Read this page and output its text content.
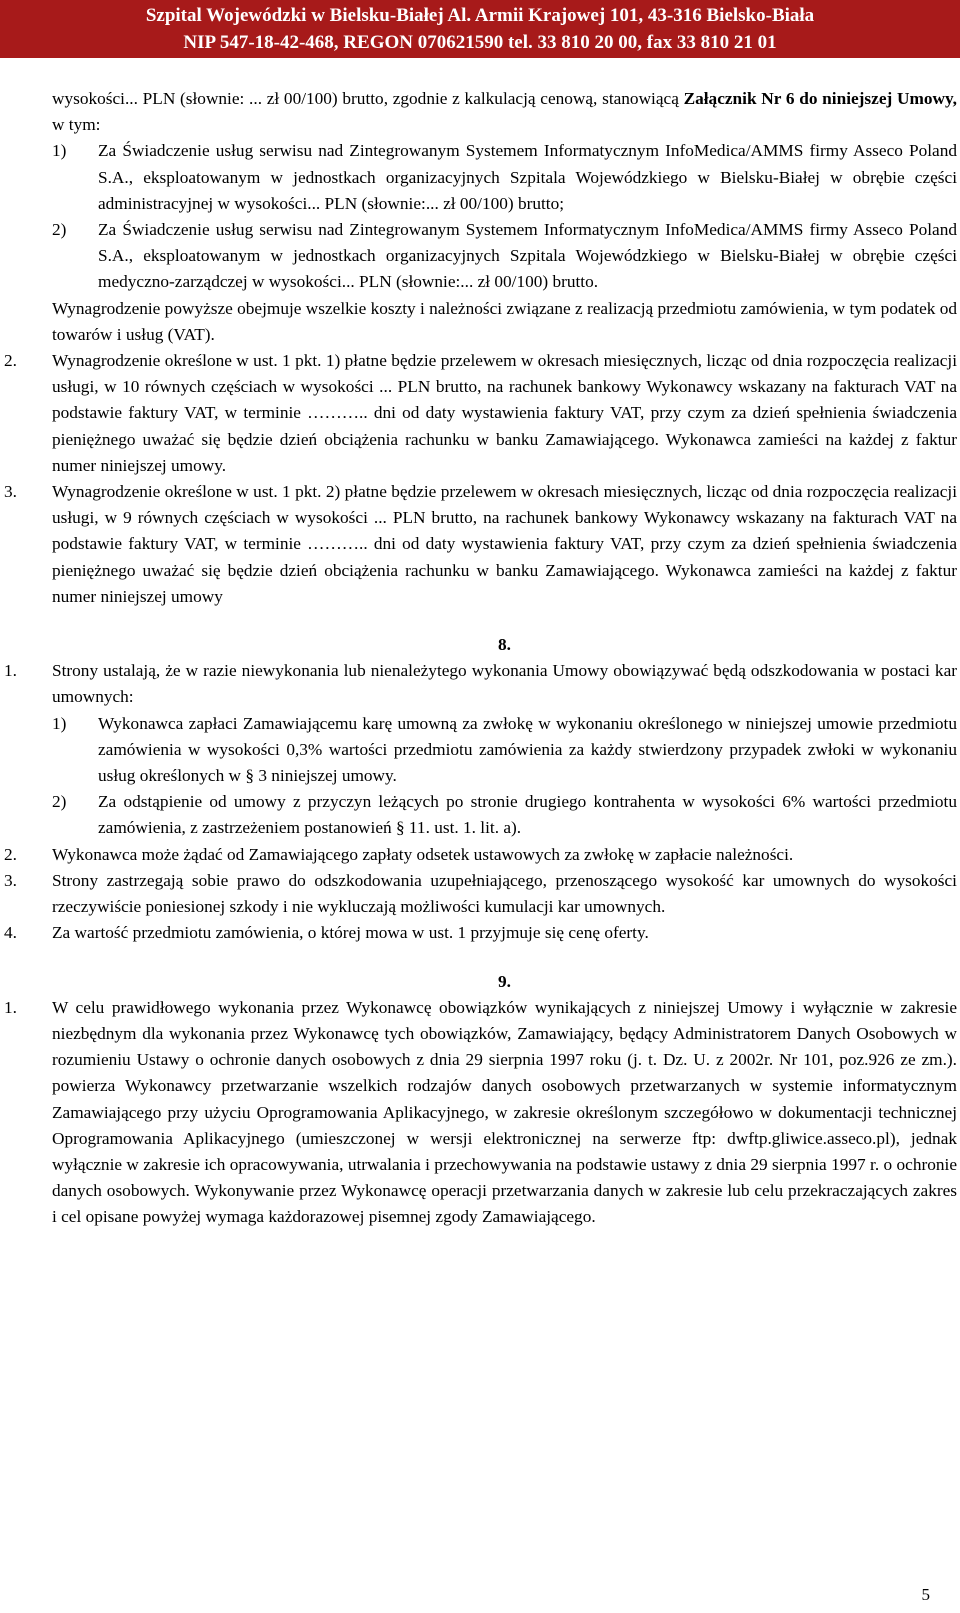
Szpital Wojewódzki w Bielsku-Białej Al. Armii Krajowej 101, 43-316 Bielsko-Biała
NIP 547-18-42-468, REGON 070621590 tel. 33 810 20 00, fax 33 810 21 01

wysokości... PLN (słownie: ... zł 00/100) brutto, zgodnie z kalkulacją cenową, stanowiącą Załącznik Nr 6 do niniejszej Umowy, w tym:

1) Za Świadczenie usług serwisu nad Zintegrowanym Systemem Informatycznym InfoMedica/AMMS firmy Asseco Poland S.A., eksploatowanym w jednostkach organizacyjnych Szpitala Wojewódzkiego w Bielsku-Białej w obrębie części administracyjnej w wysokości... PLN (słownie:... zł 00/100) brutto;

2) Za Świadczenie usług serwisu nad Zintegrowanym Systemem Informatycznym InfoMedica/AMMS firmy Asseco Poland S.A., eksploatowanym w jednostkach organizacyjnych Szpitala Wojewódzkiego w Bielsku-Białej w obrębie części medyczno-zarządczej w wysokości... PLN (słownie:... zł 00/100) brutto.

Wynagrodzenie powyższe obejmuje wszelkie koszty i należności związane z realizacją przedmiotu zamówienia, w tym podatek od towarów i usług (VAT).

2. Wynagrodzenie określone w ust. 1 pkt. 1) płatne będzie przelewem w okresach miesięcznych, licząc od dnia rozpoczęcia realizacji usługi, w 10 równych częściach w wysokości ... PLN brutto, na rachunek bankowy Wykonawcy wskazany na fakturach VAT na podstawie faktury VAT, w terminie ……….. dni od daty wystawienia faktury VAT, przy czym za dzień spełnienia świadczenia pieniężnego uważać się będzie dzień obciążenia rachunku w banku Zamawiającego. Wykonawca zamieści na każdej z faktur numer niniejszej umowy.

3. Wynagrodzenie określone w ust. 1 pkt. 2) płatne będzie przelewem w okresach miesięcznych, licząc od dnia rozpoczęcia realizacji usługi, w 9 równych częściach w wysokości ... PLN brutto, na rachunek bankowy Wykonawcy wskazany na fakturach VAT na podstawie faktury VAT, w terminie ……….. dni od daty wystawienia faktury VAT, przy czym za dzień spełnienia świadczenia pieniężnego uważać się będzie dzień obciążenia rachunku w banku Zamawiającego. Wykonawca zamieści na każdej z faktur numer niniejszej umowy

8.

1. Strony ustalają, że w razie niewykonania lub nienależytego wykonania Umowy obowiązywać będą odszkodowania w postaci kar umownych:

1) Wykonawca zapłaci Zamawiającemu karę umowną za zwłokę w wykonaniu określonego w niniejszej umowie przedmiotu zamówienia w wysokości 0,3% wartości przedmiotu zamówienia za każdy stwierdzony przypadek zwłoki w wykonaniu usług określonych w § 3 niniejszej umowy.

2) Za odstąpienie od umowy z przyczyn leżących po stronie drugiego kontrahenta w wysokości 6% wartości przedmiotu zamówienia, z zastrzeżeniem postanowień § 11. ust. 1. lit. a).

2. Wykonawca może żądać od Zamawiającego zapłaty odsetek ustawowych za zwłokę w zapłacie należności.

3. Strony zastrzegają sobie prawo do odszkodowania uzupełniającego, przenoszącego wysokość kar umownych do wysokości rzeczywiście poniesionej szkody i nie wykluczają możliwości kumulacji kar umownych.

4. Za wartość przedmiotu zamówienia, o której mowa w ust. 1 przyjmuje się cenę oferty.

9.

1. W celu prawidłowego wykonania przez Wykonawcę obowiązków wynikających z niniejszej Umowy i wyłącznie w zakresie niezbędnym dla wykonania przez Wykonawcę tych obowiązków, Zamawiający, będący Administratorem Danych Osobowych w rozumieniu Ustawy o ochronie danych osobowych z dnia 29 sierpnia 1997 roku (j. t. Dz. U. z 2002r. Nr 101, poz.926 ze zm.). powierza Wykonawcy przetwarzanie wszelkich rodzajów danych osobowych przetwarzanych w systemie informatycznym Zamawiającego przy użyciu Oprogramowania Aplikacyjnego, w zakresie określonym szczegółowo w dokumentacji technicznej Oprogramowania Aplikacyjnego (umieszczonej w wersji elektronicznej na serwerze ftp: dwftp.gliwice.asseco.pl), jednak wyłącznie w zakresie ich opracowywania, utrwalania i przechowywania na podstawie ustawy z dnia 29 sierpnia 1997 r. o ochronie danych osobowych. Wykonywanie przez Wykonawcę operacji przetwarzania danych w zakresie lub celu przekraczających zakres i cel opisane powyżej wymaga każdorazowej pisemnej zgody Zamawiającego.

5
